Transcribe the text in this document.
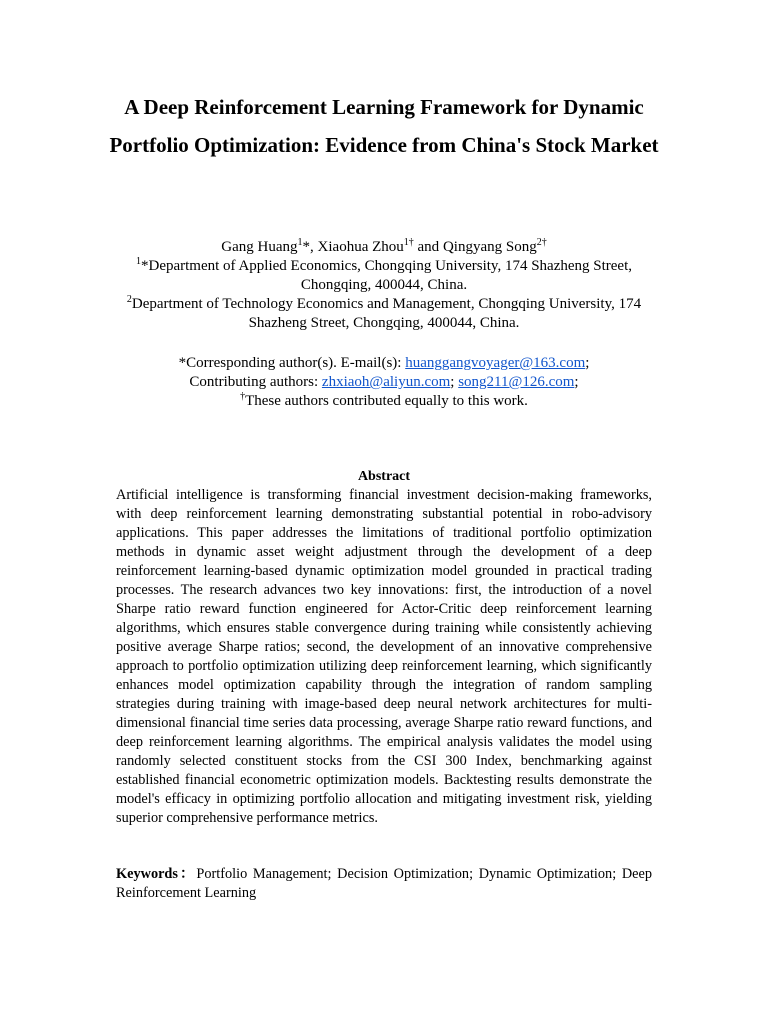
A Deep Reinforcement Learning Framework for Dynamic Portfolio Optimization: Evidence from China's Stock Market

Gang Huang$^1$*, Xiaohua Zhou$^{1\dagger}$ and Qingyang Song$^{2\dagger}$

$^1$*Department of Applied Economics, Chongqing University, 174 Shazheng Street, Chongqing, 400044, China.

$^2$Department of Technology Economics and Management, Chongqing University, 174 Shazheng Street, Chongqing, 400044, China.

*Corresponding author(s). E-mail(s): huanggangvoyager@163.com;

Contributing authors: zhxiaoh@aliyun.com; song211@126.com;

†These authors contributed equally to this work.

Abstract
Artificial intelligence is transforming financial investment decision-making frameworks, with deep reinforcement learning demonstrating substantial potential in robo-advisory applications. This paper addresses the limitations of traditional portfolio optimization methods in dynamic asset weight adjustment through the development of a deep reinforcement learning-based dynamic optimization model grounded in practical trading processes. The research advances two key innovations: first, the introduction of a novel Sharpe ratio reward function engineered for Actor-Critic deep reinforcement learning algorithms, which ensures stable convergence during training while consistently achieving positive average Sharpe ratios; second, the development of an innovative comprehensive approach to portfolio optimization utilizing deep reinforcement learning, which significantly enhances model optimization capability through the integration of random sampling strategies during training with image-based deep neural network architectures for multi-dimensional financial time series data processing, average Sharpe ratio reward functions, and deep reinforcement learning algorithms. The empirical analysis validates the model using randomly selected constituent stocks from the CSI 300 Index, benchmarking against established financial econometric optimization models. Backtesting results demonstrate the model's efficacy in optimizing portfolio allocation and mitigating investment risk, yielding superior comprehensive performance metrics.
Keywords：Portfolio Management; Decision Optimization; Dynamic Optimization; Deep Reinforcement Learning
